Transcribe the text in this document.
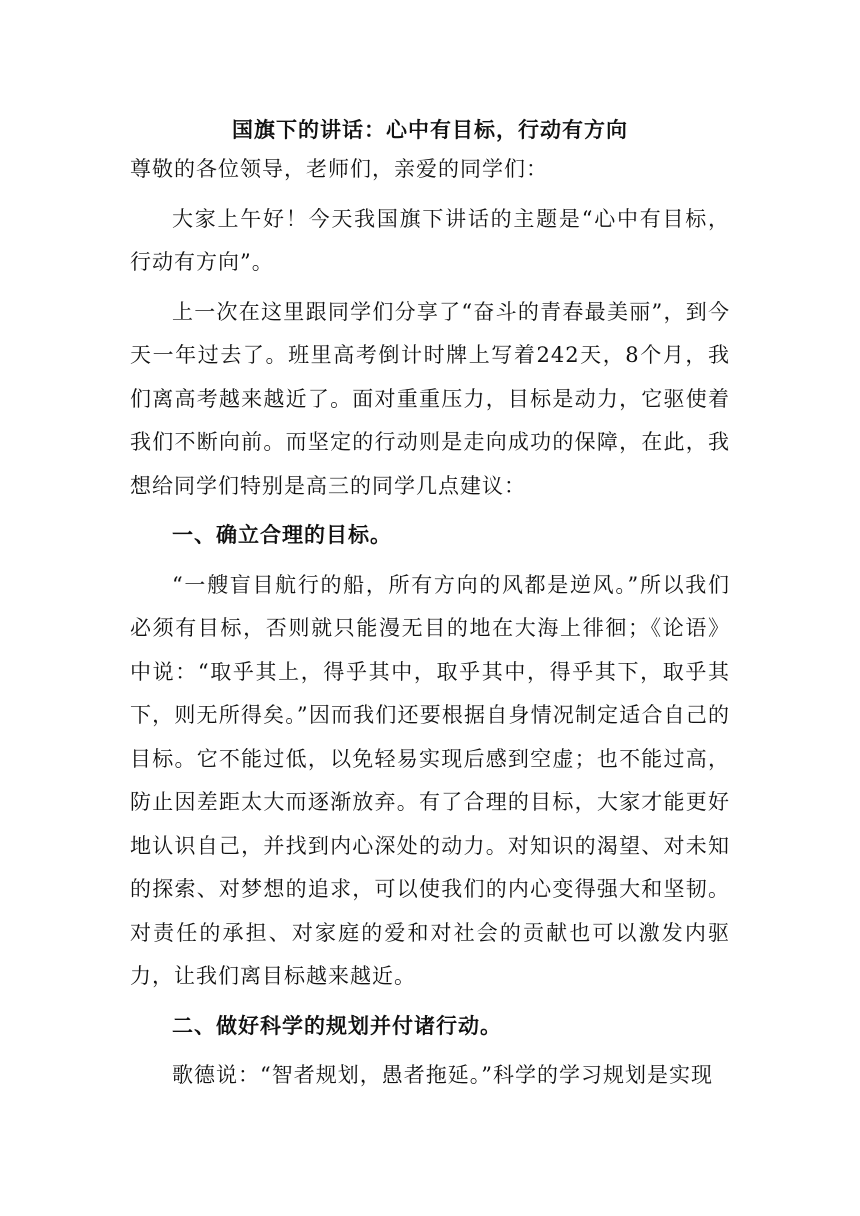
国旗下的讲话：心中有目标，行动有方向

尊敬的各位领导，老师们，亲爱的同学们：

大家上午好！今天我国旗下讲话的主题是“心中有目标，行动有方向”。

上一次在这里跟同学们分享了“奋斗的青春最美丽”，到今天一年过去了。班里高考倒计时牌上写着242天，8个月，我们离高考越来越近了。面对重重压力，目标是动力，它驱使着我们不断向前。而坚定的行动则是走向成功的保障，在此，我想给同学们特别是高三的同学几点建议：

一、确立合理的目标。

“一艘盲目航行的船，所有方向的风都是逆风。”所以我们必须有目标，否则就只能漫无目的地在大海上徘徊；《论语》中说：“取乎其上，得乎其中，取乎其中，得乎其下，取乎其下，则无所得矣。”因而我们还要根据自身情况制定适合自己的目标。它不能过低，以免轻易实现后感到空虚；也不能过高，防止因差距太大而逐渐放弃。有了合理的目标，大家才能更好地认识自己，并找到内心深处的动力。对知识的渴望、对未知的探索、对梦想的追求，可以使我们的内心变得强大和坚韧。对责任的承担、对家庭的爱和对社会的贡献也可以激发内驱力，让我们离目标越来越近。

二、做好科学的规划并付诸行动。

歌德说：“智者规划，愚者拖延。”科学的学习规划是实现
